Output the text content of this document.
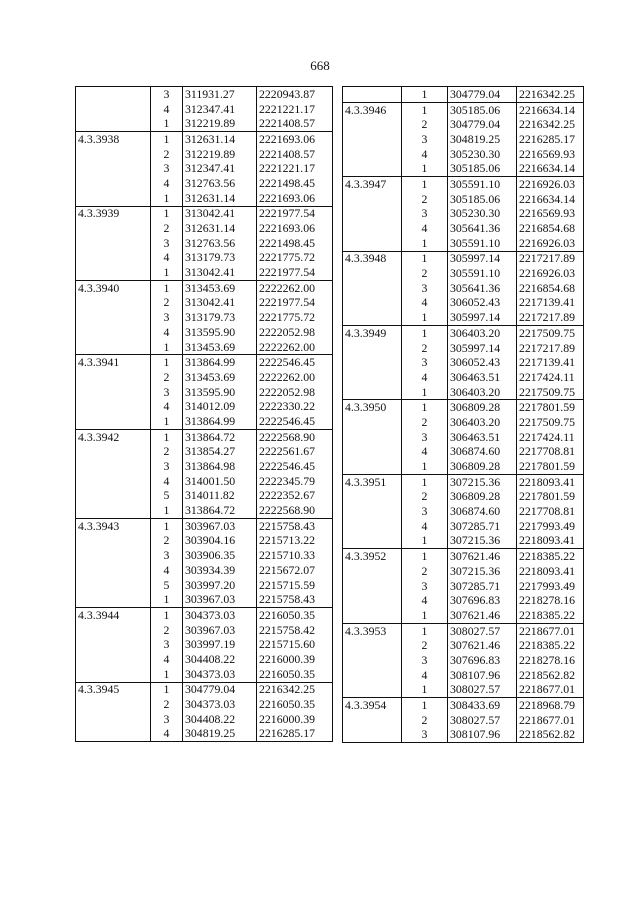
668
	3	311931.27	2220943.87
	4	312347.41	2221221.17
	1	312219.89	2221408.57
4.3.3938	1	312631.14	2221693.06
	2	312219.89	2221408.57
	3	312347.41	2221221.17
	4	312763.56	2221498.45
	1	312631.14	2221693.06
4.3.3939	1	313042.41	2221977.54
	2	312631.14	2221693.06
	3	312763.56	2221498.45
	4	313179.73	2221775.72
	1	313042.41	2221977.54
4.3.3940	1	313453.69	2222262.00
	2	313042.41	2221977.54
	3	313179.73	2221775.72
	4	313595.90	2222052.98
	1	313453.69	2222262.00
4.3.3941	1	313864.99	2222546.45
	2	313453.69	2222262.00
	3	313595.90	2222052.98
	4	314012.09	2222330.22
	1	313864.99	2222546.45
4.3.3942	1	313864.72	2222568.90
	2	313854.27	2222561.67
	3	313864.98	2222546.45
	4	314001.50	2222345.79
	5	314011.82	2222352.67
	1	313864.72	2222568.90
4.3.3943	1	303967.03	2215758.43
	2	303904.16	2215713.22
	3	303906.35	2215710.33
	4	303934.39	2215672.07
	5	303997.20	2215715.59
	1	303967.03	2215758.43
4.3.3944	1	304373.03	2216050.35
	2	303967.03	2215758.42
	3	303997.19	2215715.60
	4	304408.22	2216000.39
	1	304373.03	2216050.35
4.3.3945	1	304779.04	2216342.25
	2	304373.03	2216050.35
	3	304408.22	2216000.39
	4	304819.25	2216285.17
	1	304779.04	2216342.25
4.3.3946	1	305185.06	2216634.14
	2	304779.04	2216342.25
	3	304819.25	2216285.17
	4	305230.30	2216569.93
	1	305185.06	2216634.14
4.3.3947	1	305591.10	2216926.03
	2	305185.06	2216634.14
	3	305230.30	2216569.93
	4	305641.36	2216854.68
	1	305591.10	2216926.03
4.3.3948	1	305997.14	2217217.89
	2	305591.10	2216926.03
	3	305641.36	2216854.68
	4	306052.43	2217139.41
	1	305997.14	2217217.89
4.3.3949	1	306403.20	2217509.75
	2	305997.14	2217217.89
	3	306052.43	2217139.41
	4	306463.51	2217424.11
	1	306403.20	2217509.75
4.3.3950	1	306809.28	2217801.59
	2	306403.20	2217509.75
	3	306463.51	2217424.11
	4	306874.60	2217708.81
	1	306809.28	2217801.59
4.3.3951	1	307215.36	2218093.41
	2	306809.28	2217801.59
	3	306874.60	2217708.81
	4	307285.71	2217993.49
	1	307215.36	2218093.41
4.3.3952	1	307621.46	2218385.22
	2	307215.36	2218093.41
	3	307285.71	2217993.49
	4	307696.83	2218278.16
	1	307621.46	2218385.22
4.3.3953	1	308027.57	2218677.01
	2	307621.46	2218385.22
	3	307696.83	2218278.16
	4	308107.96	2218562.82
	1	308027.57	2218677.01
4.3.3954	1	308433.69	2218968.79
	2	308027.57	2218677.01
	3	308107.96	2218562.82
